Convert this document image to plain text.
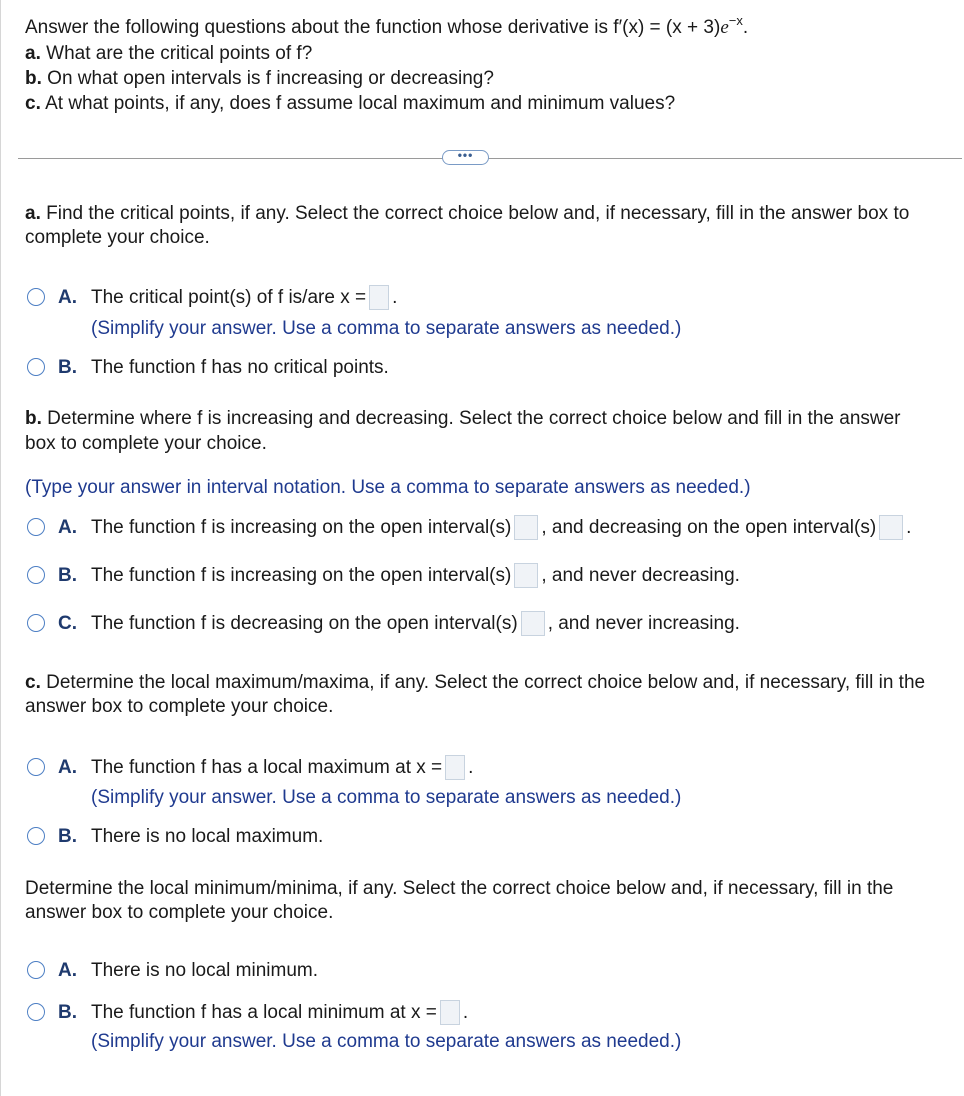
Answer the following questions about the function whose derivative is $f'(x) = (x + 3)e^{-x}$.
a. What are the critical points of f?
b. On what open intervals is f increasing or decreasing?
c. At what points, if any, does f assume local maximum and minimum values?
•••
a. Find the critical points, if any. Select the correct choice below and, if necessary, fill in the answer box to
complete your choice.
A. The critical point(s) of f is/are x = .
(Simplify your answer. Use a comma to separate answers as needed.)
B. The function f has no critical points.
b. Determine where f is increasing and decreasing. Select the correct choice below and fill in the answer
box to complete your choice.
(Type your answer in interval notation. Use a comma to separate answers as needed.)
A. The function f is increasing on the open interval(s) , and decreasing on the open interval(s) .
B. The function f is increasing on the open interval(s) , and never decreasing.
C. The function f is decreasing on the open interval(s) , and never increasing.
c. Determine the local maximum/maxima, if any. Select the correct choice below and, if necessary, fill in the
answer box to complete your choice.
A. The function f has a local maximum at x = .
(Simplify your answer. Use a comma to separate answers as needed.)
B. There is no local maximum.
Determine the local minimum/minima, if any. Select the correct choice below and, if necessary, fill in the
answer box to complete your choice.
A. There is no local minimum.
B. The function f has a local minimum at x = .
(Simplify your answer. Use a comma to separate answers as needed.)
